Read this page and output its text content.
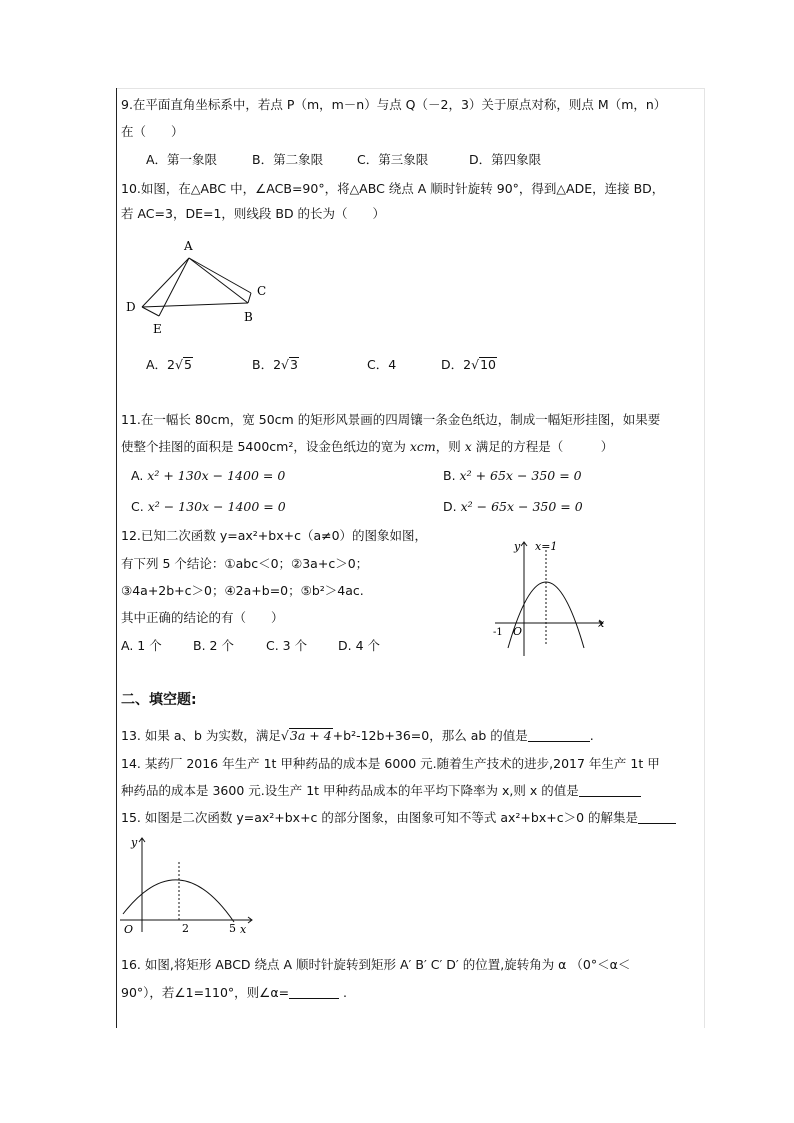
9.在平面直角坐标系中，若点 P（m，m－n）与点 Q（－2，3）关于原点对称，则点 M（m，n）
在（　　）
A．第一象限	B．第二象限	C．第三象限	D．第四象限
10.如图，在△ABC 中，∠ACB=90°，将△ABC 绕点 A 顺时针旋转 90°，得到△ADE，连接 BD，
若 AC=3，DE=1，则线段 BD 的长为（　　）
A
C
D
B
E
A．2√5	B．2√3	C．4	D．2√10
11.在一幅长 80cm，宽 50cm 的矩形风景画的四周镶一条金色纸边，制成一幅矩形挂图，如果要
使整个挂图的面积是 5400cm²，设金色纸边的宽为 xcm，则 x 满足的方程是（　　　）
A. x² + 130x − 1400 = 0	B. x² + 65x − 350 = 0
C. x² − 130x − 1400 = 0	D. x² − 65x − 350 = 0
12.已知二次函数 y=ax²+bx+c（a≠0）的图象如图，
有下列 5 个结论：①abc＜0；②3a+c＞0；
③4a+2b+c＞0；④2a+b=0；⑤b²＞4ac.
其中正确的结论的有（　　）
A. 1 个	B. 2 个	C. 3 个 D. 4 个
y x=1
x
-1 O
二、填空题:
13. 如果 a、b 为实数，满足√3a + 4+b²-12b+36=0，那么 ab 的值是	.
14. 某药厂 2016 年生产 1t 甲种药品的成本是 6000 元.随着生产技术的进步,2017 年生产 1t 甲
种药品的成本是 3600 元.设生产 1t 甲种药品成本的年平均下降率为 x,则 x 的值是
15. 如图是二次函数 y=ax²+bx+c 的部分图象，由图象可知不等式 ax²+bx+c＞0 的解集是
y
x
O	2	5
16. 如图,将矩形 ABCD 绕点 A 顺时针旋转到矩形 A′ B′ C′ D′ 的位置,旋转角为 α （0°＜α＜
90°），若∠1=110°，则∠α=	.
